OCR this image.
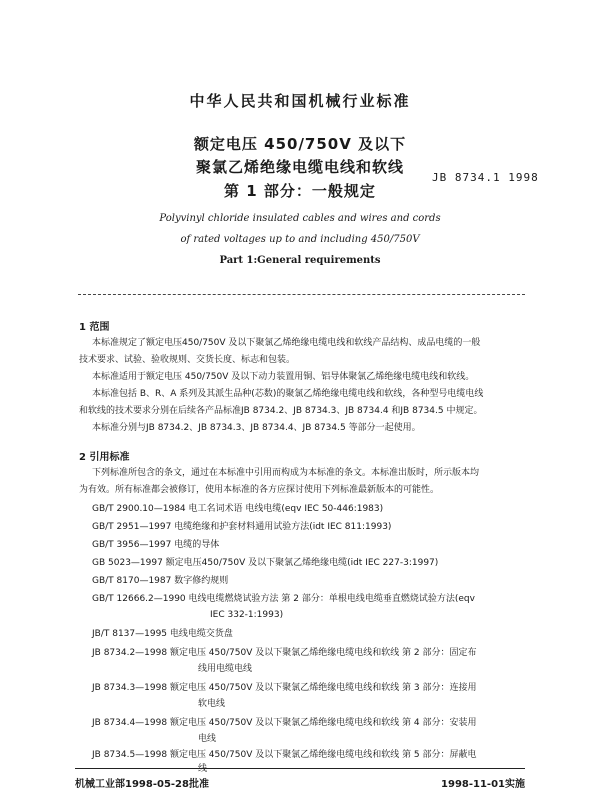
中华人民共和国机械行业标准
额定电压 450/750V 及以下
聚氯乙烯绝缘电缆电线和软线
第 1 部分：一般规定
JB 8734.1 1998
Polyvinyl chloride insulated cables and wires and cords
of rated voltages up to and including 450/750V
Part 1:General requirements
1 范围
本标准规定了额定电压450/750V 及以下聚氯乙烯绝缘电缆电线和软线产品结构、成品电缆的一般
技术要求、试验、验收规则、交货长度、标志和包装。
本标准适用于额定电压 450/750V 及以下动力装置用铜、铝导体聚氯乙烯绝缘电缆电线和软线。
本标准包括 B、R、A 系列及其派生品种(芯数)的聚氯乙烯绝缘电缆电线和软线，各种型号电缆电线
和软线的技术要求分别在后续各产品标准JB 8734.2、JB 8734.3、JB 8734.4 和JB 8734.5 中规定。
本标准分别与JB 8734.2、JB 8734.3、JB 8734.4、JB 8734.5 等部分一起使用。
2 引用标准
下列标准所包含的条文，通过在本标准中引用而构成为本标准的条文。本标准出版时，所示版本均
为有效。所有标准都会被修订，使用本标准的各方应探讨使用下列标准最新版本的可能性。
GB/T 2900.10—1984 电工名词术语 电线电缆(eqv IEC 50-446:1983)
GB/T 2951—1997 电缆绝缘和护套材料通用试验方法(idt IEC 811:1993)
GB/T 3956—1997 电缆的导体
GB 5023—1997 额定电压450/750V 及以下聚氯乙烯绝缘电缆(idt IEC 227-3:1997)
GB/T 8170—1987 数字修约规则
GB/T 12666.2—1990 电线电缆燃烧试验方法 第 2 部分：单根电线电缆垂直燃烧试验方法(eqv
IEC 332-1:1993)
JB/T 8137—1995 电线电缆交货盘
JB 8734.2—1998 额定电压 450/750V 及以下聚氯乙烯绝缘电缆电线和软线 第 2 部分：固定布
线用电缆电线
JB 8734.3—1998 额定电压 450/750V 及以下聚氯乙烯绝缘电缆电线和软线 第 3 部分：连接用
软电线
JB 8734.4—1998 额定电压 450/750V 及以下聚氯乙烯绝缘电缆电线和软线 第 4 部分：安装用
电线
JB 8734.5—1998 额定电压 450/750V 及以下聚氯乙烯绝缘电缆电线和软线 第 5 部分：屏蔽电
线
机械工业部1998-05-28批准	1998-11-01实施
